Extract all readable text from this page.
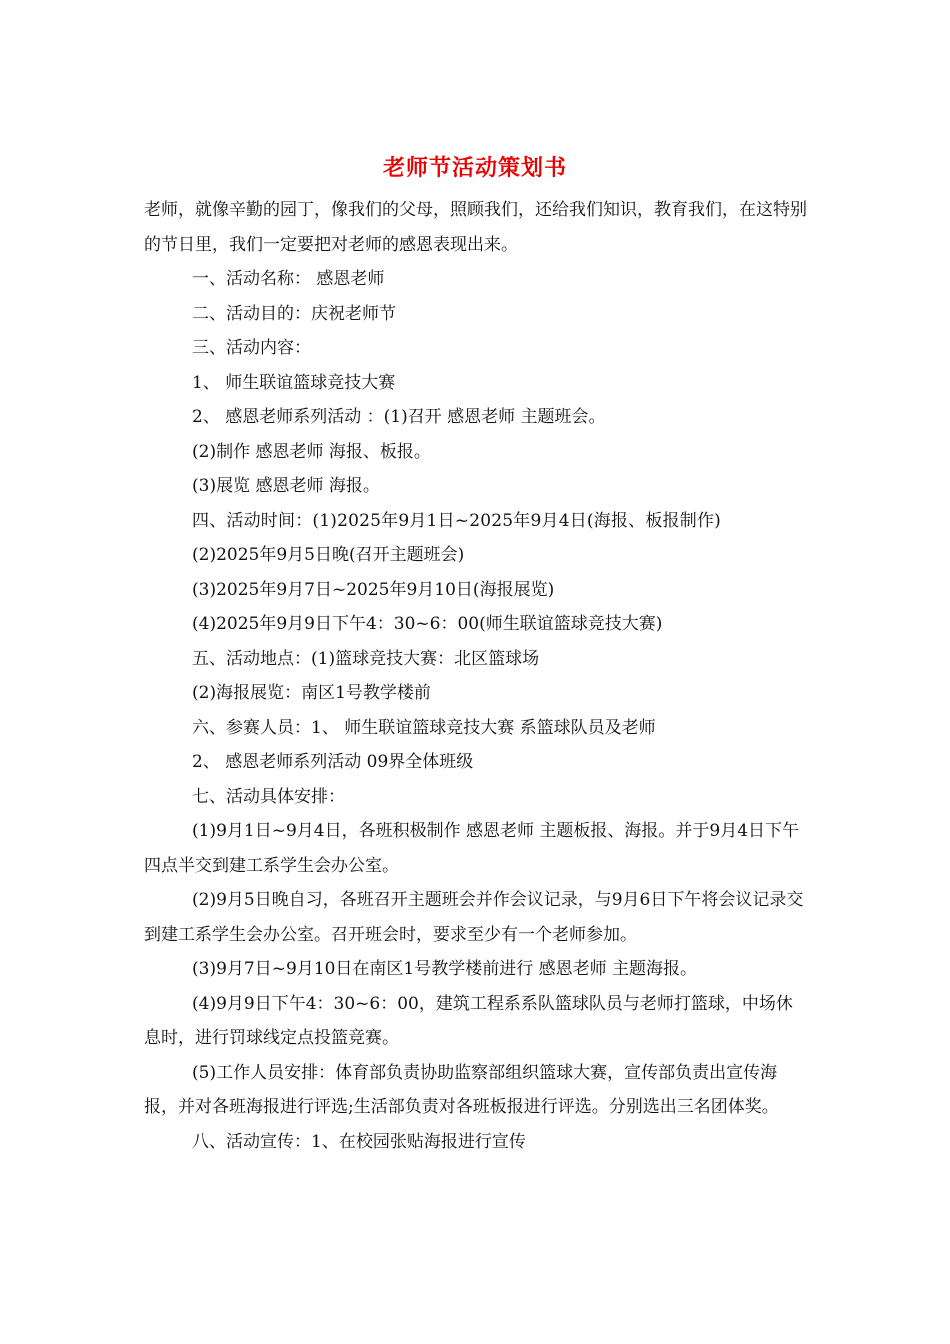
老师节活动策划书

老师，就像辛勤的园丁，像我们的父母，照顾我们，还给我们知识，教育我们，在这特别的节日里，我们一定要把对老师的感恩表现出来。

一、活动名称： 感恩老师

二、活动目的：庆祝老师节

三、活动内容：

1、 师生联谊篮球竞技大赛

2、 感恩老师系列活动 ：(1)召开 感恩老师 主题班会。

(2)制作 感恩老师 海报、板报。

(3)展览 感恩老师 海报。

四、活动时间：(1)2025年9月1日~2025年9月4日(海报、板报制作)

(2)2025年9月5日晚(召开主题班会)

(3)2025年9月7日~2025年9月10日(海报展览)

(4)2025年9月9日下午4：30~6：00(师生联谊篮球竞技大赛)

五、活动地点：(1)篮球竞技大赛：北区篮球场

(2)海报展览：南区1号教学楼前

六、参赛人员：1、 师生联谊篮球竞技大赛 系篮球队员及老师

2、 感恩老师系列活动 09界全体班级

七、活动具体安排：

(1)9月1日~9月4日，各班积极制作 感恩老师 主题板报、海报。并于9月4日下午四点半交到建工系学生会办公室。

(2)9月5日晚自习，各班召开主题班会并作会议记录，与9月6日下午将会议记录交到建工系学生会办公室。召开班会时，要求至少有一个老师参加。

(3)9月7日~9月10日在南区1号教学楼前进行 感恩老师 主题海报。

(4)9月9日下午4：30~6：00，建筑工程系系队篮球队员与老师打篮球，中场休息时，进行罚球线定点投篮竞赛。

(5)工作人员安排：体育部负责协助监察部组织篮球大赛，宣传部负责出宣传海报，并对各班海报进行评选;生活部负责对各班板报进行评选。分别选出三名团体奖。

八、活动宣传：1、在校园张贴海报进行宣传
